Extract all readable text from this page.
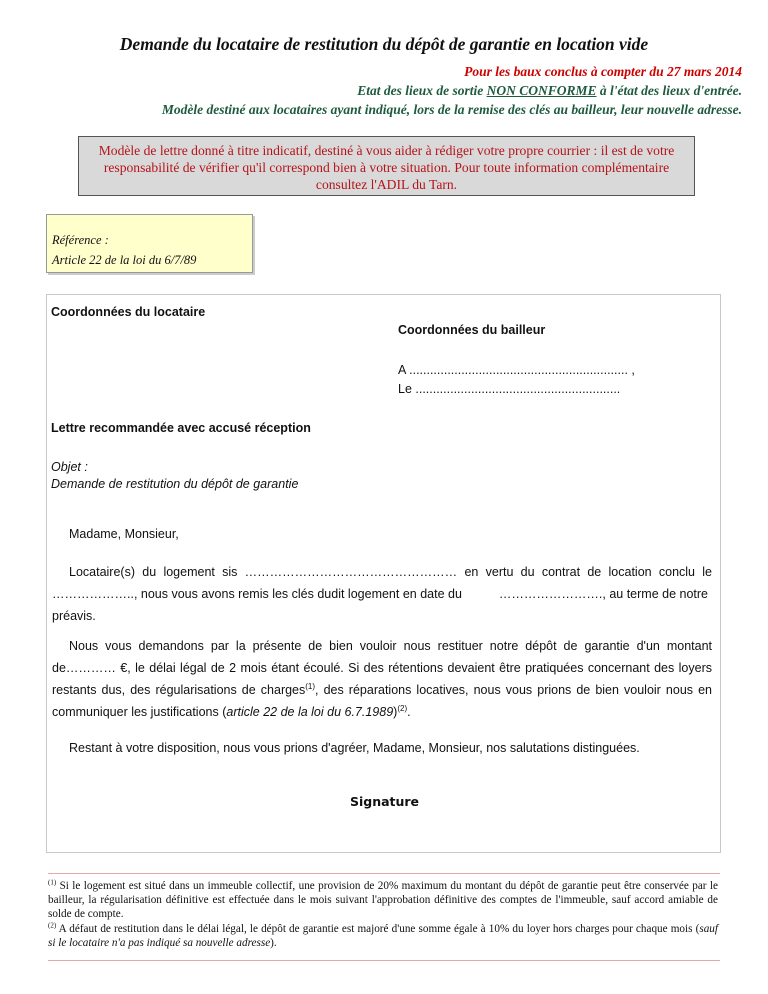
Demande du locataire de restitution du dépôt de garantie en location vide
Pour les baux conclus à compter du 27 mars 2014
Etat des lieux de sortie NON CONFORME à l'état des lieux d'entrée.
Modèle destiné aux locataires ayant indiqué, lors de la remise des clés au bailleur, leur nouvelle adresse.
Modèle de lettre donné à titre indicatif, destiné à vous aider à rédiger votre propre courrier : il est de votre responsabilité de vérifier qu'il correspond bien à votre situation. Pour toute information complémentaire consultez l'ADIL du Tarn.
Référence :
Article 22 de la loi du 6/7/89
Coordonnées du locataire
Coordonnées du bailleur
A ............................................................... ,
Le ...........................................................
Lettre recommandée avec accusé réception
Objet :
Demande de restitution du dépôt de garantie
Madame, Monsieur,
Locataire(s) du logement sis …………………………………………… en vertu du contrat de location conclu le
……………….., nous vous avons remis les clés dudit logement en date du	……………………., au terme de notre
préavis.
Nous vous demandons par la présente de bien vouloir nous restituer notre dépôt de garantie d'un montant de………… €, le délai légal de 2 mois étant écoulé. Si des rétentions devaient être pratiquées concernant des loyers restants dus, des régularisations de charges$^{(1)}$, des réparations locatives, nous vous prions de bien vouloir nous en communiquer les justifications (article 22 de la loi du 6.7.1989)$^{(2)}$.
Restant à votre disposition, nous vous prions d'agréer, Madame, Monsieur, nos salutations distinguées.
Signature
$^{(1)}$ Si le logement est situé dans un immeuble collectif, une provision de 20% maximum du montant du dépôt de garantie peut être conservée par le bailleur, la régularisation définitive est effectuée dans le mois suivant l'approbation définitive des comptes de l'immeuble, sauf accord amiable de solde de compte.
$^{(2)}$ A défaut de restitution dans le délai légal, le dépôt de garantie est majoré d'une somme égale à 10% du loyer hors charges pour chaque mois (sauf si le locataire n'a pas indiqué sa nouvelle adresse).
